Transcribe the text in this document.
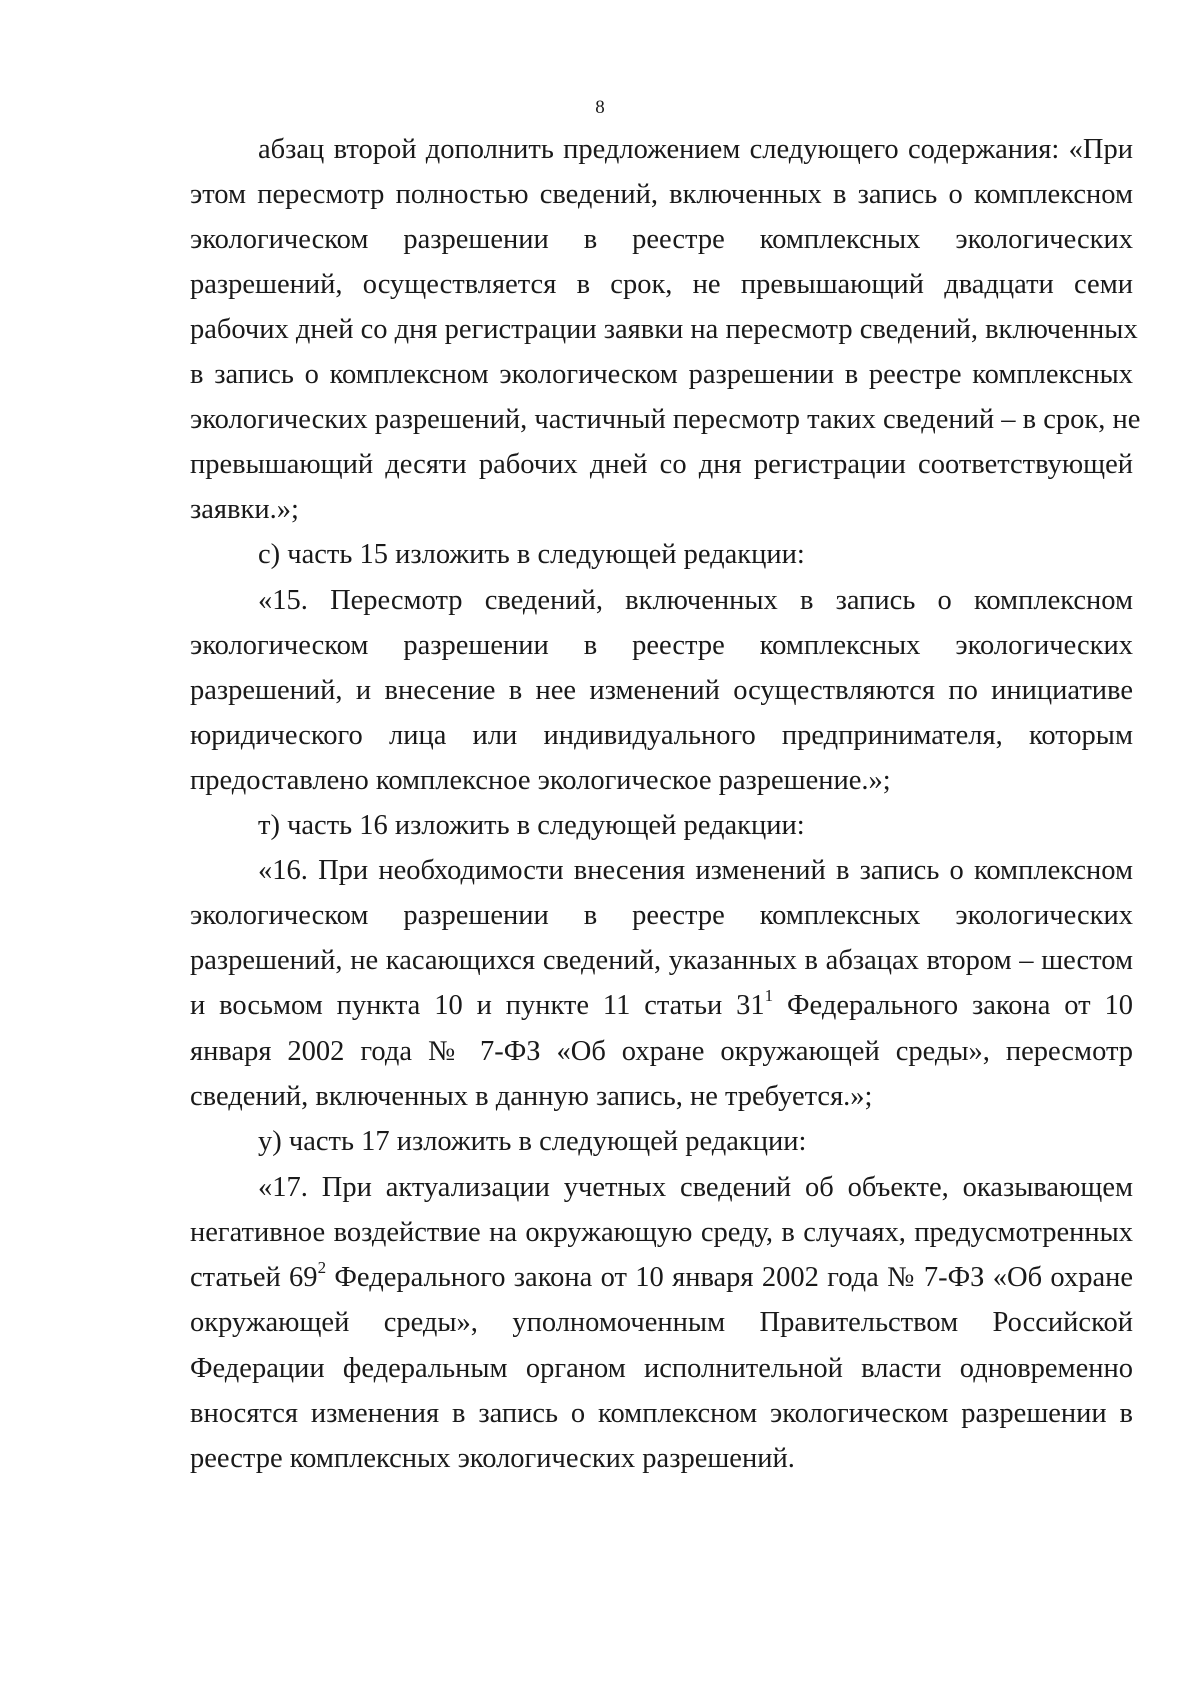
8
абзац второй дополнить предложением следующего содержания: «При
этом пересмотр полностью сведений, включенных в запись о комплексном
экологическом разрешении в реестре комплексных экологических
разрешений, осуществляется в срок, не превышающий двадцати семи
рабочих дней со дня регистрации заявки на пересмотр сведений, включенных
в запись о комплексном экологическом разрешении в реестре комплексных
экологических разрешений, частичный пересмотр таких сведений – в срок, не
превышающий десяти рабочих дней со дня регистрации соответствующей
заявки.»;
с) часть 15 изложить в следующей редакции:
«15. Пересмотр сведений, включенных в запись о комплексном
экологическом разрешении в реестре комплексных экологических
разрешений, и внесение в нее изменений осуществляются по инициативе
юридического лица или индивидуального предпринимателя, которым
предоставлено комплексное экологическое разрешение.»;
т) часть 16 изложить в следующей редакции:
«16. При необходимости внесения изменений в запись о комплексном
экологическом разрешении в реестре комплексных экологических
разрешений, не касающихся сведений, указанных в абзацах втором – шестом
и восьмом пункта 10 и пункте 11 статьи $31^1$ Федерального закона от 10
января 2002 года № 7-ФЗ «Об охране окружающей среды», пересмотр
сведений, включенных в данную запись, не требуется.»;
у) часть 17 изложить в следующей редакции:
«17. При актуализации учетных сведений об объекте, оказывающем
негативное воздействие на окружающую среду, в случаях, предусмотренных
статьей $69^2$ Федерального закона от 10 января 2002 года № 7-ФЗ «Об охране
окружающей среды», уполномоченным Правительством Российской
Федерации федеральным органом исполнительной власти одновременно
вносятся изменения в запись о комплексном экологическом разрешении в
реестре комплексных экологических разрешений.
